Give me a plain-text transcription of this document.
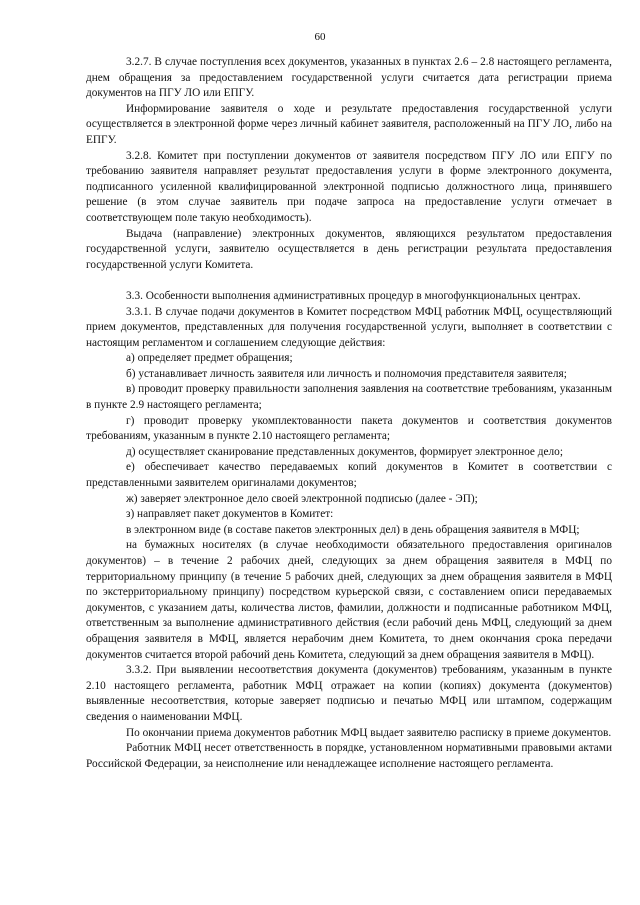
60

3.2.7. В случае поступления всех документов, указанных в пунктах 2.6 – 2.8 настоящего регламента, днем обращения за предоставлением государственной услуги считается дата регистрации приема документов на ПГУ ЛО или ЕПГУ.

Информирование заявителя о ходе и результате предоставления государственной услуги осуществляется в электронной форме через личный кабинет заявителя, расположенный на ПГУ ЛО, либо на ЕПГУ.

3.2.8. Комитет при поступлении документов от заявителя посредством ПГУ ЛО или ЕПГУ по требованию заявителя направляет результат предоставления услуги в форме электронного документа, подписанного усиленной квалифицированной электронной подписью должностного лица, принявшего решение (в этом случае заявитель при подаче запроса на предоставление услуги отмечает в соответствующем поле такую необходимость).

Выдача (направление) электронных документов, являющихся результатом предоставления государственной услуги, заявителю осуществляется в день регистрации результата предоставления государственной услуги Комитета.

3.3. Особенности выполнения административных процедур в многофункциональных центрах.

3.3.1. В случае подачи документов в Комитет посредством МФЦ работник МФЦ, осуществляющий прием документов, представленных для получения государственной услуги, выполняет в соответствии с настоящим регламентом и соглашением следующие действия:

а) определяет предмет обращения;

б) устанавливает личность заявителя или личность и полномочия представителя заявителя;

в) проводит проверку правильности заполнения заявления на соответствие требованиям, указанным в пункте 2.9 настоящего регламента;

г) проводит проверку укомплектованности пакета документов и соответствия документов требованиям, указанным в пункте 2.10 настоящего регламента;

д) осуществляет сканирование представленных документов, формирует электронное дело;

е) обеспечивает качество передаваемых копий документов в Комитет в соответствии с представленными заявителем оригиналами документов;

ж) заверяет электронное дело своей электронной подписью (далее - ЭП);

з) направляет пакет документов в Комитет:

в электронном виде (в составе пакетов электронных дел) в день обращения заявителя в МФЦ;

на бумажных носителях (в случае необходимости обязательного предоставления оригиналов документов) – в течение 2 рабочих дней, следующих за днем обращения заявителя в МФЦ по территориальному принципу (в течение 5 рабочих дней, следующих за днем обращения заявителя в МФЦ по экстерриториальному принципу) посредством курьерской связи, с составлением описи передаваемых документов, с указанием даты, количества листов, фамилии, должности и подписанные работником МФЦ, ответственным за выполнение административного действия (если рабочий день МФЦ, следующий за днем обращения заявителя в МФЦ, является нерабочим днем Комитета, то днем окончания срока передачи документов считается второй рабочий день Комитета, следующий за днем обращения заявителя в МФЦ).

3.3.2. При выявлении несоответствия документа (документов) требованиям, указанным в пункте 2.10 настоящего регламента, работник МФЦ отражает на копии (копиях) документа (документов) выявленные несоответствия, которые заверяет подписью и печатью МФЦ или штампом, содержащим сведения о наименовании МФЦ.

По окончании приема документов работник МФЦ выдает заявителю расписку в приеме документов.

Работник МФЦ несет ответственность в порядке, установленном нормативными правовыми актами Российской Федерации, за неисполнение или ненадлежащее исполнение настоящего регламента.
